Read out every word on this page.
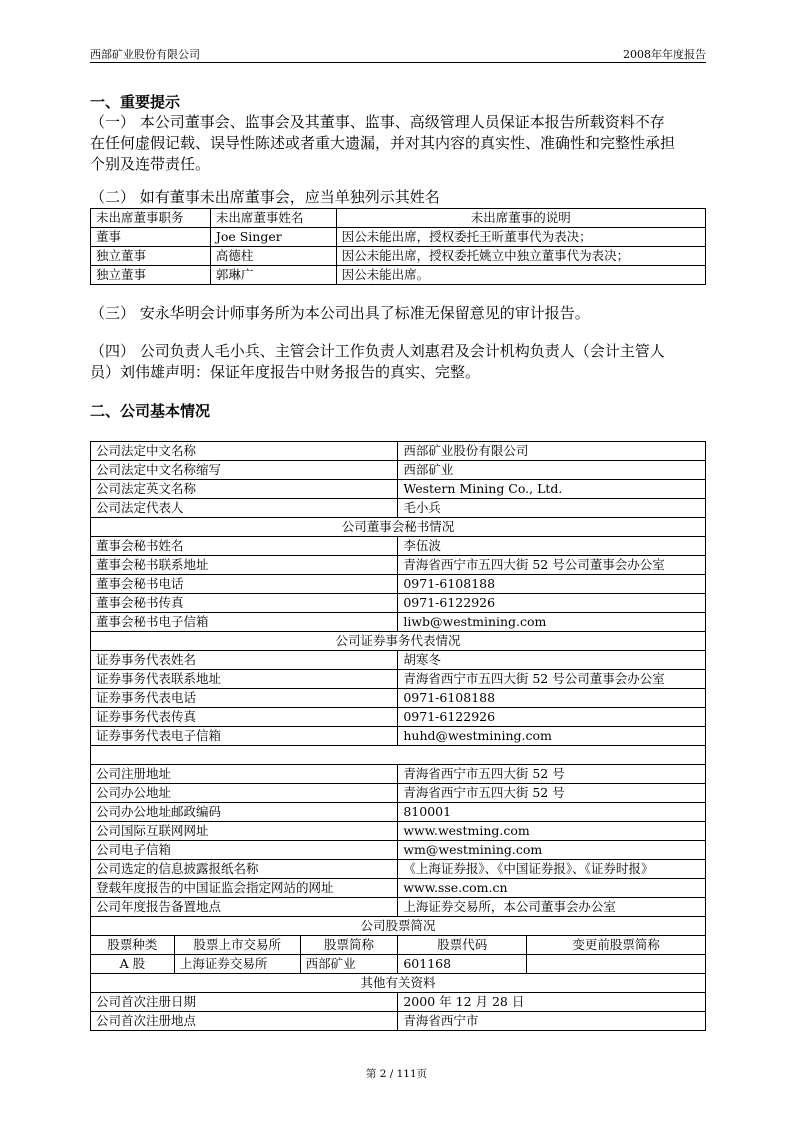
西部矿业股份有限公司	2008年年度报告

一、重要提示

（一） 本公司董事会、监事会及其董事、监事、高级管理人员保证本报告所载资料不存

在任何虚假记载、误导性陈述或者重大遗漏，并对其内容的真实性、准确性和完整性承担

个别及连带责任。

（二） 如有董事未出席董事会，应当单独列示其姓名

未出席董事职务	未出席董事姓名	未出席董事的说明
董事	Joe Singer	因公未能出席，授权委托王昕董事代为表决；
独立董事	高德柱	因公未能出席，授权委托姚立中独立董事代为表决；
独立董事	郭琳广	因公未能出席。

（三） 安永华明会计师事务所为本公司出具了标准无保留意见的审计报告。

（四） 公司负责人毛小兵、主管会计工作负责人刘惠君及会计机构负责人（会计主管人

员）刘伟雄声明：保证年度报告中财务报告的真实、完整。

二、公司基本情况

公司法定中文名称			西部矿业股份有限公司	
公司法定中文名称缩写			西部矿业	
公司法定英文名称			Western Mining Co., Ltd.	
公司法定代表人			毛小兵	
公司董事会秘书情况				
董事会秘书姓名			李伍波	
董事会秘书联系地址			青海省西宁市五四大街 52 号公司董事会办公室	
董事会秘书电话			0971-6108188	
董事会秘书传真			0971-6122926	
董事会秘书电子信箱			liwb@westmining.com	
公司证券事务代表情况				
证券事务代表姓名			胡寒冬	
证券事务代表联系地址			青海省西宁市五四大街 52 号公司董事会办公室	
证券事务代表电话			0971-6108188	
证券事务代表传真			0971-6122926	
证券事务代表电子信箱			huhd@westmining.com	

公司注册地址			青海省西宁市五四大街 52 号	
公司办公地址			青海省西宁市五四大街 52 号	
公司办公地址邮政编码			810001	
公司国际互联网网址			www.westming.com	
公司电子信箱			wm@westmining.com	
公司选定的信息披露报纸名称			《上海证券报》、《中国证券报》、《证券时报》	
登载年度报告的中国证监会指定网站的网址			www.sse.com.cn	
公司年度报告备置地点			上海证券交易所，本公司董事会办公室	
公司股票简况				
股票种类	股票上市交易所	股票简称	股票代码	变更前股票简称
A 股	上海证券交易所	西部矿业	601168	
其他有关资料				
公司首次注册日期			2000 年 12 月 28 日	
公司首次注册地点			青海省西宁市	
第 2 / 111页
